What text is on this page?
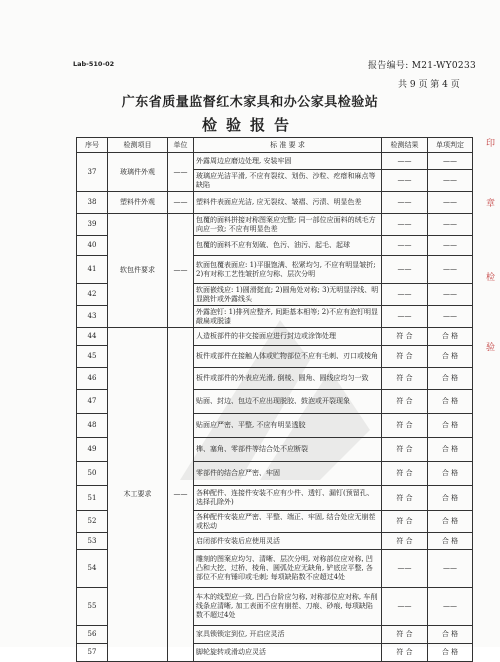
Lab-510-02	报告编号: M21-WY0233
共 9 页 第 4 页
广东省质量监督红木家具和办公家具检验站
检验报告
印
章
检
验
序号	检测项目	单位	标 准 要 求	检测结果	单项判定
37	玻璃件外观	——	外露周边应磨边处理, 安装牢固	——	——
			玻璃应光洁平滑, 不应有裂纹、划伤、沙粒、疙瘩和麻点等缺陷	——	——
38	塑料件外观	——	塑料件表面应光洁, 应无裂纹、皱褶、污渍、明显色差	——	——
39	软包件要求	——	包覆的面料拼接对称图案应完整; 同一部位应面料的绒毛方向应一致; 不应有明显色差	——	——
40			包覆的面料不应有划破、色污、油污、起毛、起球	——	——
41			软面包覆表面应: 1)平服饱满、松紧均匀, 不应有明显皱折; 2)有对称工艺性皱折应匀称、层次分明	——	——
42			软面嵌线应: 1)圆滑挺直; 2)圆角处对称; 3)无明显浮线、明显跳针或外露线头	——	——
43			外露泡钉: 1)排列应整齐, 间距基本相等; 2)不应有泡钉明显敲扁或脱漆	——	——
44	木工要求	——	人造板部件的非交接面应进行封边或涂饰处理	符 合	合 格
45			板件或部件在接触人体或贮物部位不应有毛刺、刃口或棱角	符 合	合 格
46			板件或部件的外表应光滑, 倒棱、圆角、圆线应均匀一致	符 合	合 格
47			贴面、封边、包边不应出现脱胶、鼓泡或开裂现象	符 合	合 格
48			贴面应严密、平整, 不应有明显透胶	符 合	合 格
49			榫、塞角、零部件等结合处不应断裂	符 合	合 格
50			零部件的结合应严密、牢固	符 合	合 格
51			各种配件、连接件安装不应有少件、透钉、漏钉(预留孔、选择孔除外)	符 合	合 格
52			各种配件安装应严密、平整、端正、牢固, 结合处应无崩茬或松动	符 合	合 格
53			启闭部件安装后应使用灵活	符 合	合 格
54			雕刻的图案应均匀、清晰、层次分明, 对称部位应对称, 凹凸和大挖、过桥、棱角、圆弧处应无缺角, 铲底应平整, 各部位不应有锤印或毛刺; 每项缺陷数不应超过4处	——	——
55			车木的线型应一致, 凹凸台阶应匀称, 对称部位应对称, 车削线条应清晰, 加工表面不应有崩茬、刀痕、砂痕, 每项缺陷数不超过4处	——	——
56			家具锁锁定到位, 开启应灵活	符 合	合 格
57			脚轮旋转或滑动应灵活	符 合	合 格
